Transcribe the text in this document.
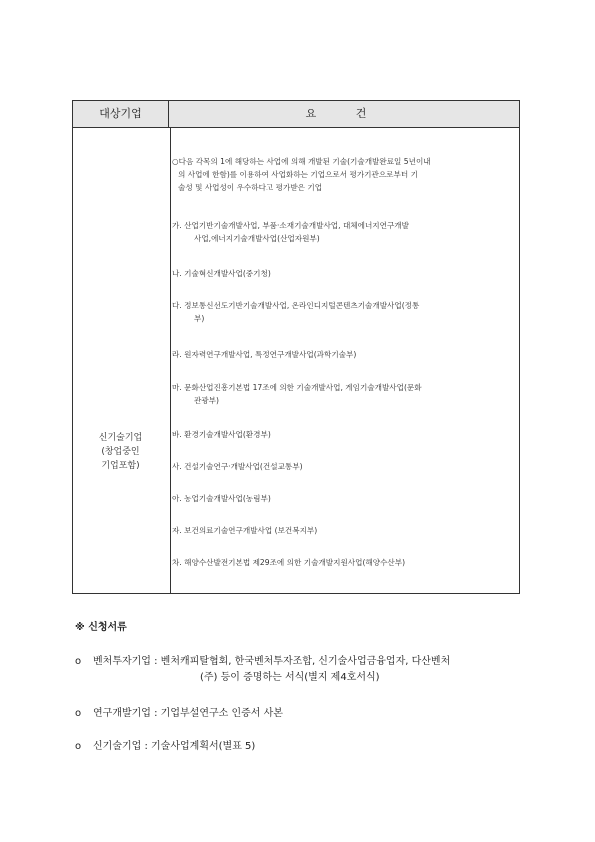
대상기업	요 건
신기술기업
(창업중인
기업포함)
○다음 각목의 1에 해당하는 사업에 의해 개발된 기술(기술개발완료일 5년이내
의 사업에 한함)를 이용하여 사업화하는 기업으로서 평가기관으로부터 기
술성 및 사업성이 우수하다고 평가받은 기업
가. 산업기반기술개발사업, 부품·소재기술개발사업, 대체에너지연구개발
사업,에너지기술개발사업(산업자원부)
나. 기술혁신개발사업(중기청)
다. 정보통신선도기반기술개발사업, 온라인디지털콘텐츠기술개발사업(정통
부)
라. 원자력연구개발사업, 특정연구개발사업(과학기술부)
마. 문화산업진흥기본법 17조에 의한 기술개발사업, 게임기술개발사업(문화
관광부)
바. 환경기술개발사업(환경부)
사. 건설기술연구·개발사업(건설교통부)
아. 농업기술개발사업(농림부)
자. 보건의료기술연구개발사업 (보건복지부)
차. 해양수산발전기본법 제29조에 의한 기술개발지원사업(해양수산부)
※ 신청서류
o 벤처투자기업 : 벤처캐피탈협회, 한국벤처투자조합, 신기술사업금융업자, 다산벤처
(주) 등이 증명하는 서식(별지 제4호서식)
o 연구개발기업 : 기업부설연구소 인증서 사본
o 신기술기업 : 기술사업계획서(별표 5)
